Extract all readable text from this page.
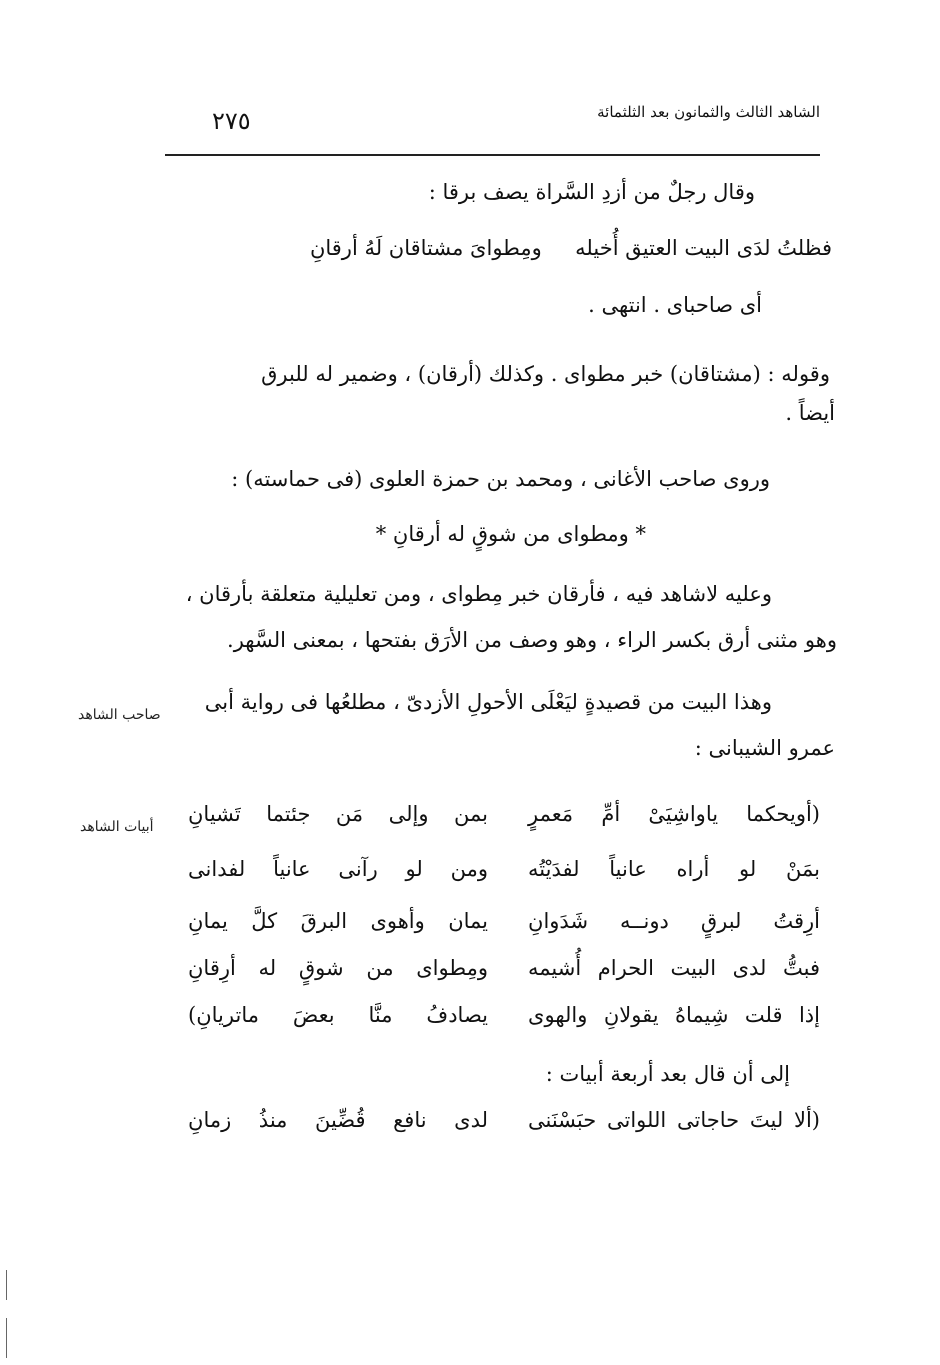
الشاهد الثالث والثمانون بعد الثلثمائة
٢٧٥
وقال رجلٌ من أزدِ السَّراة يصف برقا :
فظلتُ لدَى البيت العتيق أُخيله     ومِطواىَ مشتاقان لَهُ أرقانِ
أى صاحباى . انتهى .
وقوله : (مشتاقان) خبر مطواى . وكذلك (أرقان) ، وضمير له للبرق
أيضاً .
وروى صاحب الأغانى ، ومحمد بن حمزة العلوى (فى حماسته) :
* ومطواى من شوقٍ له أرقانِ *
وعليه لاشاهد فيه ، فأرقان خبر مِطواى ، ومن تعليلية متعلقة بأرقان ،
وهو مثنى أرق بكسر الراء ، وهو وصف من الأرَق بفتحها ، بمعنى السَّهر.
وهذا البيت من قصيدةٍ ليَعْلَى الأحولِ الأزدىّ ، مطلعُها فى رواية أبى
صاحب الشاهد
عمرو الشيبانى :
(أويحكما
ياواشِيَىْ
أمِّ
مَعمرٍ
بمن
وإلى
مَن
جئتما
تَشيانِ
بمَنْ
لو
أراه
عانياً
لفدَيْتُه
ومن
لو
رآنى
عانياً
لفدانى
أرِقتُ
لبرقٍ
دونــه
شَدَوانِ
يمان
وأهوى
البرقَ
كلَّ
يمانِ
فبتُّ
لدى
البيت
الحرام
أُشيمه
ومِطواى
من
شوقٍ
له
أرِقانِ
إذا
قلت
شِيماهُ
يقولانِ
والهوى
يصادفُ
منَّا
بعضَ
ماتريانِ)
(ألا
ليتَ
حاجاتى
اللواتى
حبَسْنَنى
لدى
نافع
قُضِّينَ
منذُ
زمانِ
أبيات الشاهد
إلى أن قال بعد أربعة أبيات :
